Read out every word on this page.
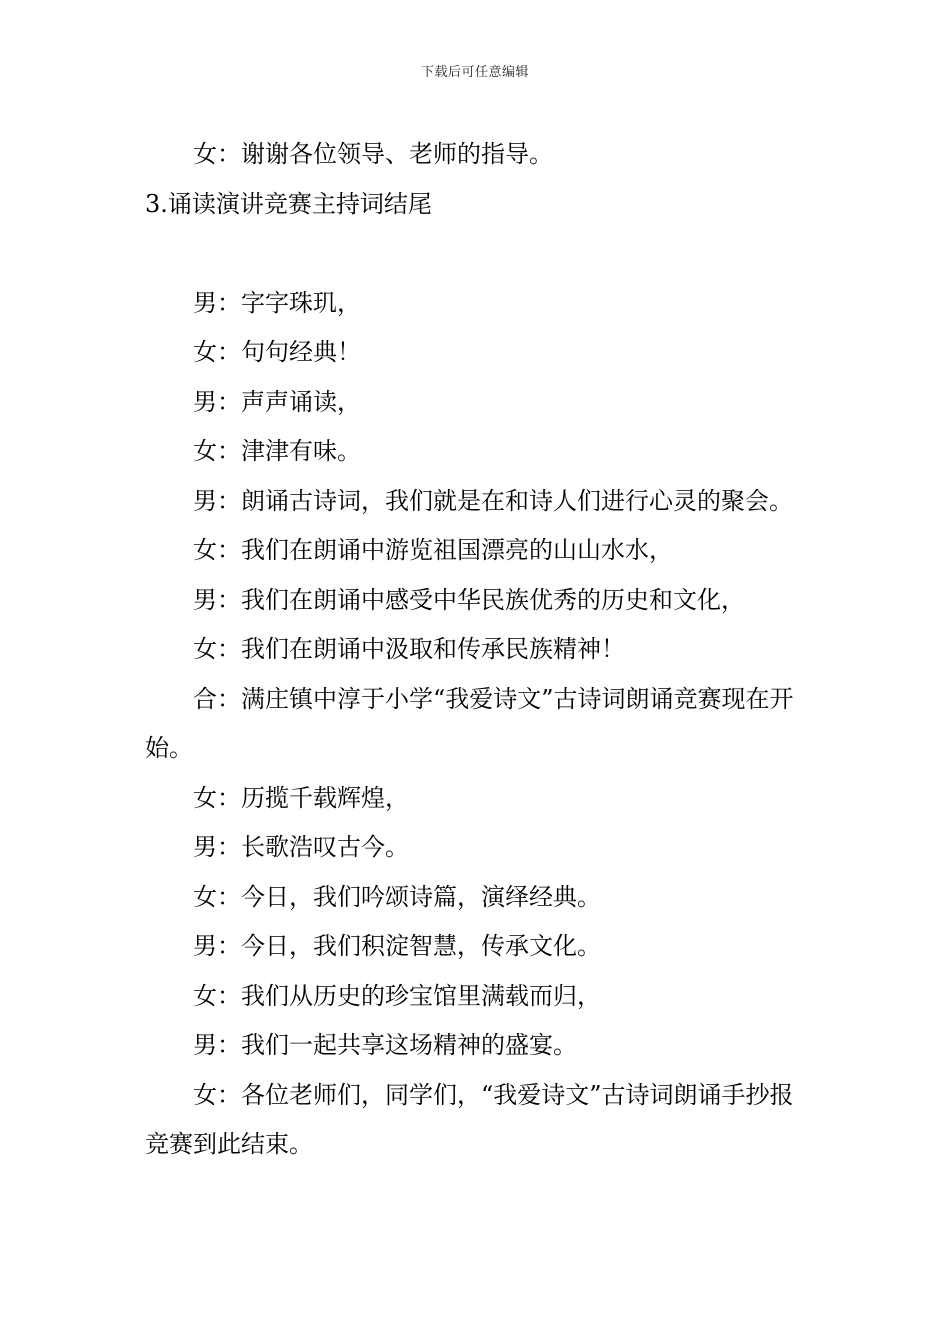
下载后可任意编辑

女：谢谢各位领导、老师的指导。

3.诵读演讲竞赛主持词结尾

男：字字珠玑，

女：句句经典！

男：声声诵读，

女：津津有味。

男：朗诵古诗词，我们就是在和诗人们进行心灵的聚会。

女：我们在朗诵中游览祖国漂亮的山山水水，

男：我们在朗诵中感受中华民族优秀的历史和文化，

女：我们在朗诵中汲取和传承民族精神！

合：满庄镇中淳于小学“我爱诗文”古诗词朗诵竞赛现在开始。

女：历揽千载辉煌，

男：长歌浩叹古今。

女：今日，我们吟颂诗篇，演绎经典。

男：今日，我们积淀智慧，传承文化。

女：我们从历史的珍宝馆里满载而归，

男：我们一起共享这场精神的盛宴。

女：各位老师们，同学们，“我爱诗文”古诗词朗诵手抄报竞赛到此结束。
